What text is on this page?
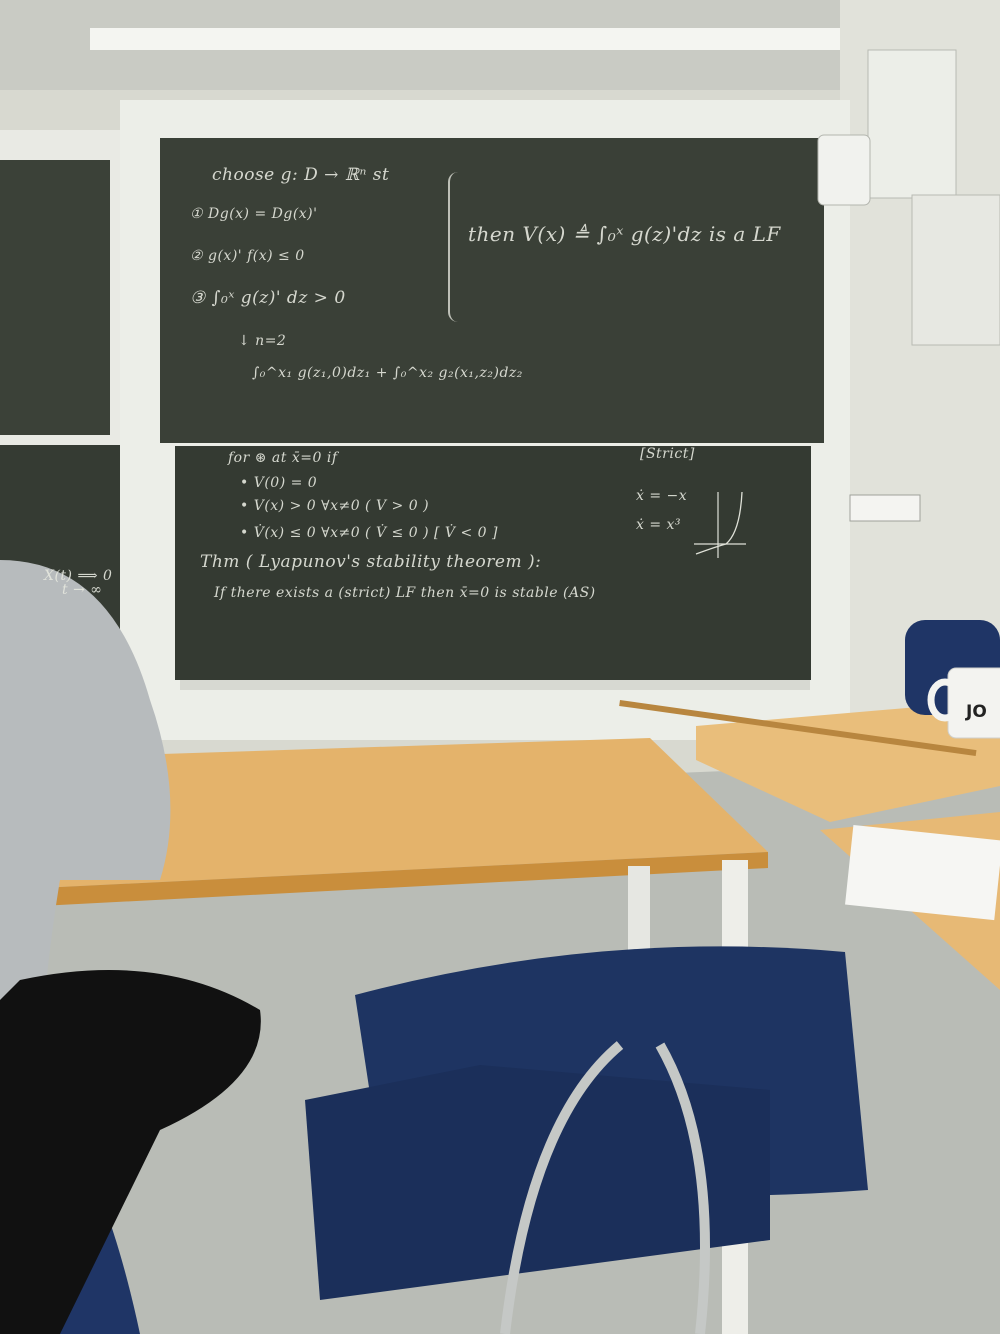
choose g: D → ℝⁿ st
① Dg(x) = Dg(x)'
② g(x)' f(x) ≤ 0
③ ∫₀ˣ g(z)' dz > 0
↓ n=2
∫₀^x₁ g(z₁,0)dz₁ + ∫₀^x₂ g₂(x₁,z₂)dz₂
then V(x) ≜ ∫₀ˣ g(z)'dz is a LF
for ⊛ at x̄=0 if	[Strict]
• V(0) = 0
• V(x) > 0 ∀x≠0 ( V > 0 )
• V̇(x) ≤ 0 ∀x≠0 ( V̇ ≤ 0 ) [ V̇ < 0 ]
ẋ = −x
ẋ = x³
Thm ( Lyapunov's stability theorem ):
If there exists a (strict) LF then x̄=0 is stable (AS)
X(t) ⟹ 0
t → ∞
JO
